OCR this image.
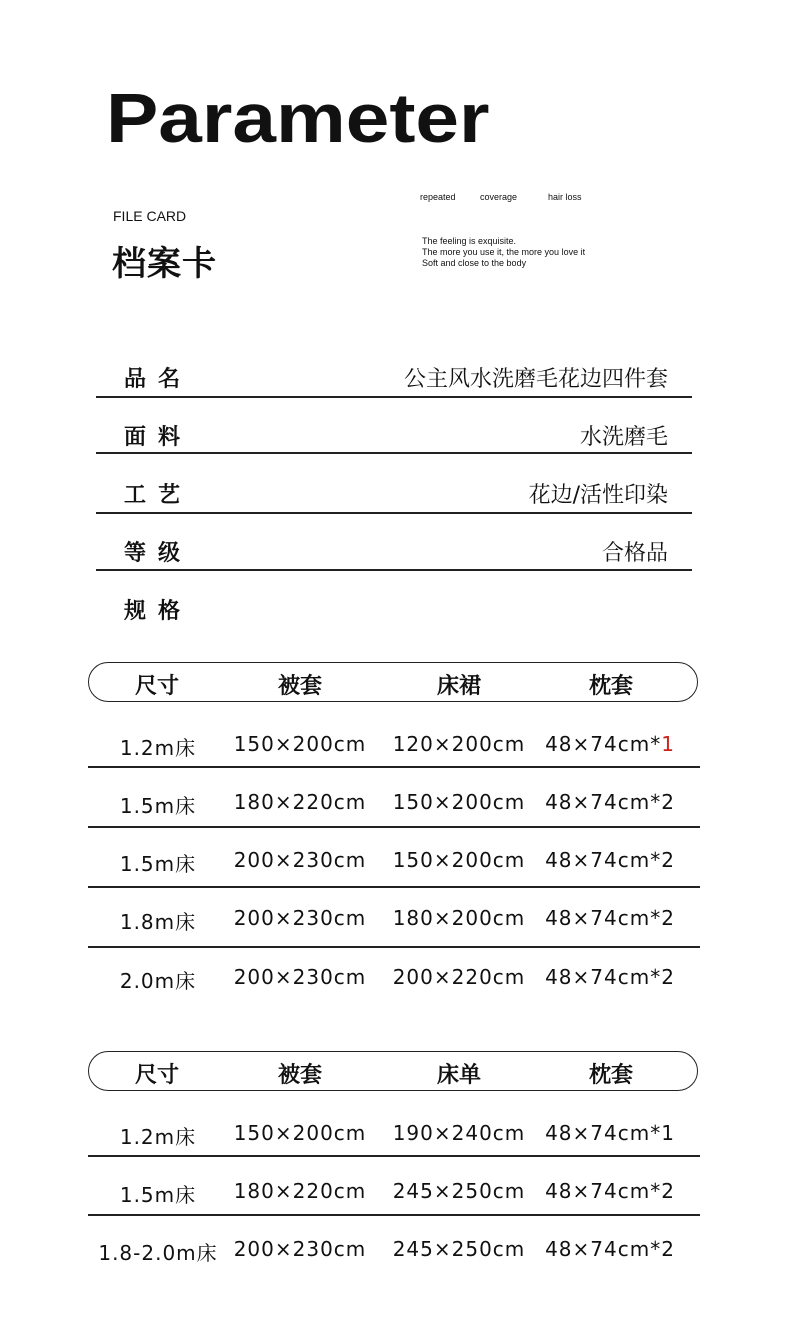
Parameter
FILE CARD
档案卡
repeated	coverage	hair loss
The feeling is exquisite.
The more you use it, the more you love it
Soft and close to the body
品名	公主风水洗磨毛花边四件套
面料	水洗磨毛
工艺	花边/活性印染
等级	合格品
规格
尺寸	被套	床裙	枕套
1.2m床 150×200cm 120×200cm 48×74cm*1
1.5m床 180×220cm 150×200cm 48×74cm*2
1.5m床 200×230cm 150×200cm 48×74cm*2
1.8m床 200×230cm 180×200cm 48×74cm*2
2.0m床 200×230cm 200×220cm 48×74cm*2
尺寸	被套	床单	枕套
1.2m床 150×200cm 190×240cm 48×74cm*1
1.5m床 180×220cm 245×250cm 48×74cm*2
1.8-2.0m床 200×230cm 245×250cm 48×74cm*2
